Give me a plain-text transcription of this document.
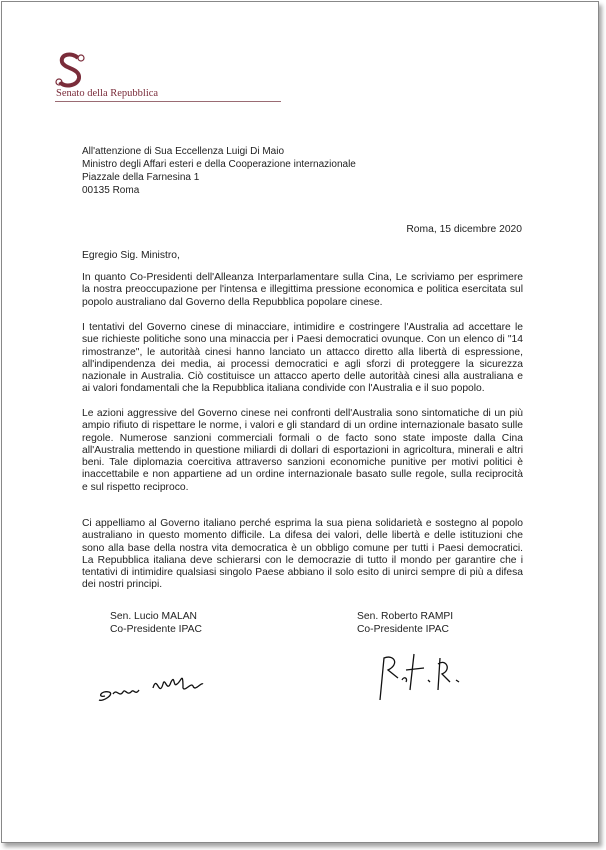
Senato della Repubblica
All'attenzione di Sua Eccellenza Luigi Di Maio
Ministro degli Affari esteri e della Cooperazione internazionale
Piazzale della Farnesina 1
00135 Roma
Roma, 15 dicembre 2020
Egregio Sig. Ministro,
In quanto Co-Presidenti dell'Alleanza Interparlamentare sulla Cina, Le scriviamo per esprimere
la nostra preoccupazione per l'intensa e illegittima pressione economica e politica esercitata sul
popolo australiano dal Governo della Repubblica popolare cinese.
I tentativi del Governo cinese di minacciare, intimidire e costringere l'Australia ad accettare le
sue richieste politiche sono una minaccia per i Paesi democratici ovunque. Con un elenco di "14
rimostranze", le autoritàà cinesi hanno lanciato un attacco diretto alla libertà di espressione,
all'indipendenza dei media, ai processi democratici e agli sforzi di proteggere la sicurezza
nazionale in Australia. Ciò costituisce un attacco aperto delle autoritàà cinesi alla australiana e
ai valori fondamentali che la Repubblica italiana condivide con l'Australia e il suo popolo.
Le azioni aggressive del Governo cinese nei confronti dell'Australia sono sintomatiche di un più
ampio rifiuto di rispettare le norme, i valori e gli standard di un ordine internazionale basato sulle
regole. Numerose sanzioni commerciali formali o de facto sono state imposte dalla Cina
all'Australia mettendo in questione miliardi di dollari di esportazioni in agricoltura, minerali e altri
beni. Tale diplomazia coercitiva attraverso sanzioni economiche punitive per motivi politici è
inaccettabile e non appartiene ad un ordine internazionale basato sulle regole, sulla reciprocità
e sul rispetto reciproco.
Ci appelliamo al Governo italiano perché esprima la sua piena solidarietà e sostegno al popolo
australiano in questo momento difficile. La difesa dei valori, delle libertà e delle istituzioni che
sono alla base della nostra vita democratica è un obbligo comune per tutti i Paesi democratici.
La Repubblica italiana deve schierarsi con le democrazie di tutto il mondo per garantire che i
tentativi di intimidire qualsiasi singolo Paese abbiano il solo esito di unirci sempre di più a difesa
dei nostri principi.
Sen. Lucio MALAN
Co-Presidente IPAC
Sen. Roberto RAMPI
Co-Presidente IPAC
